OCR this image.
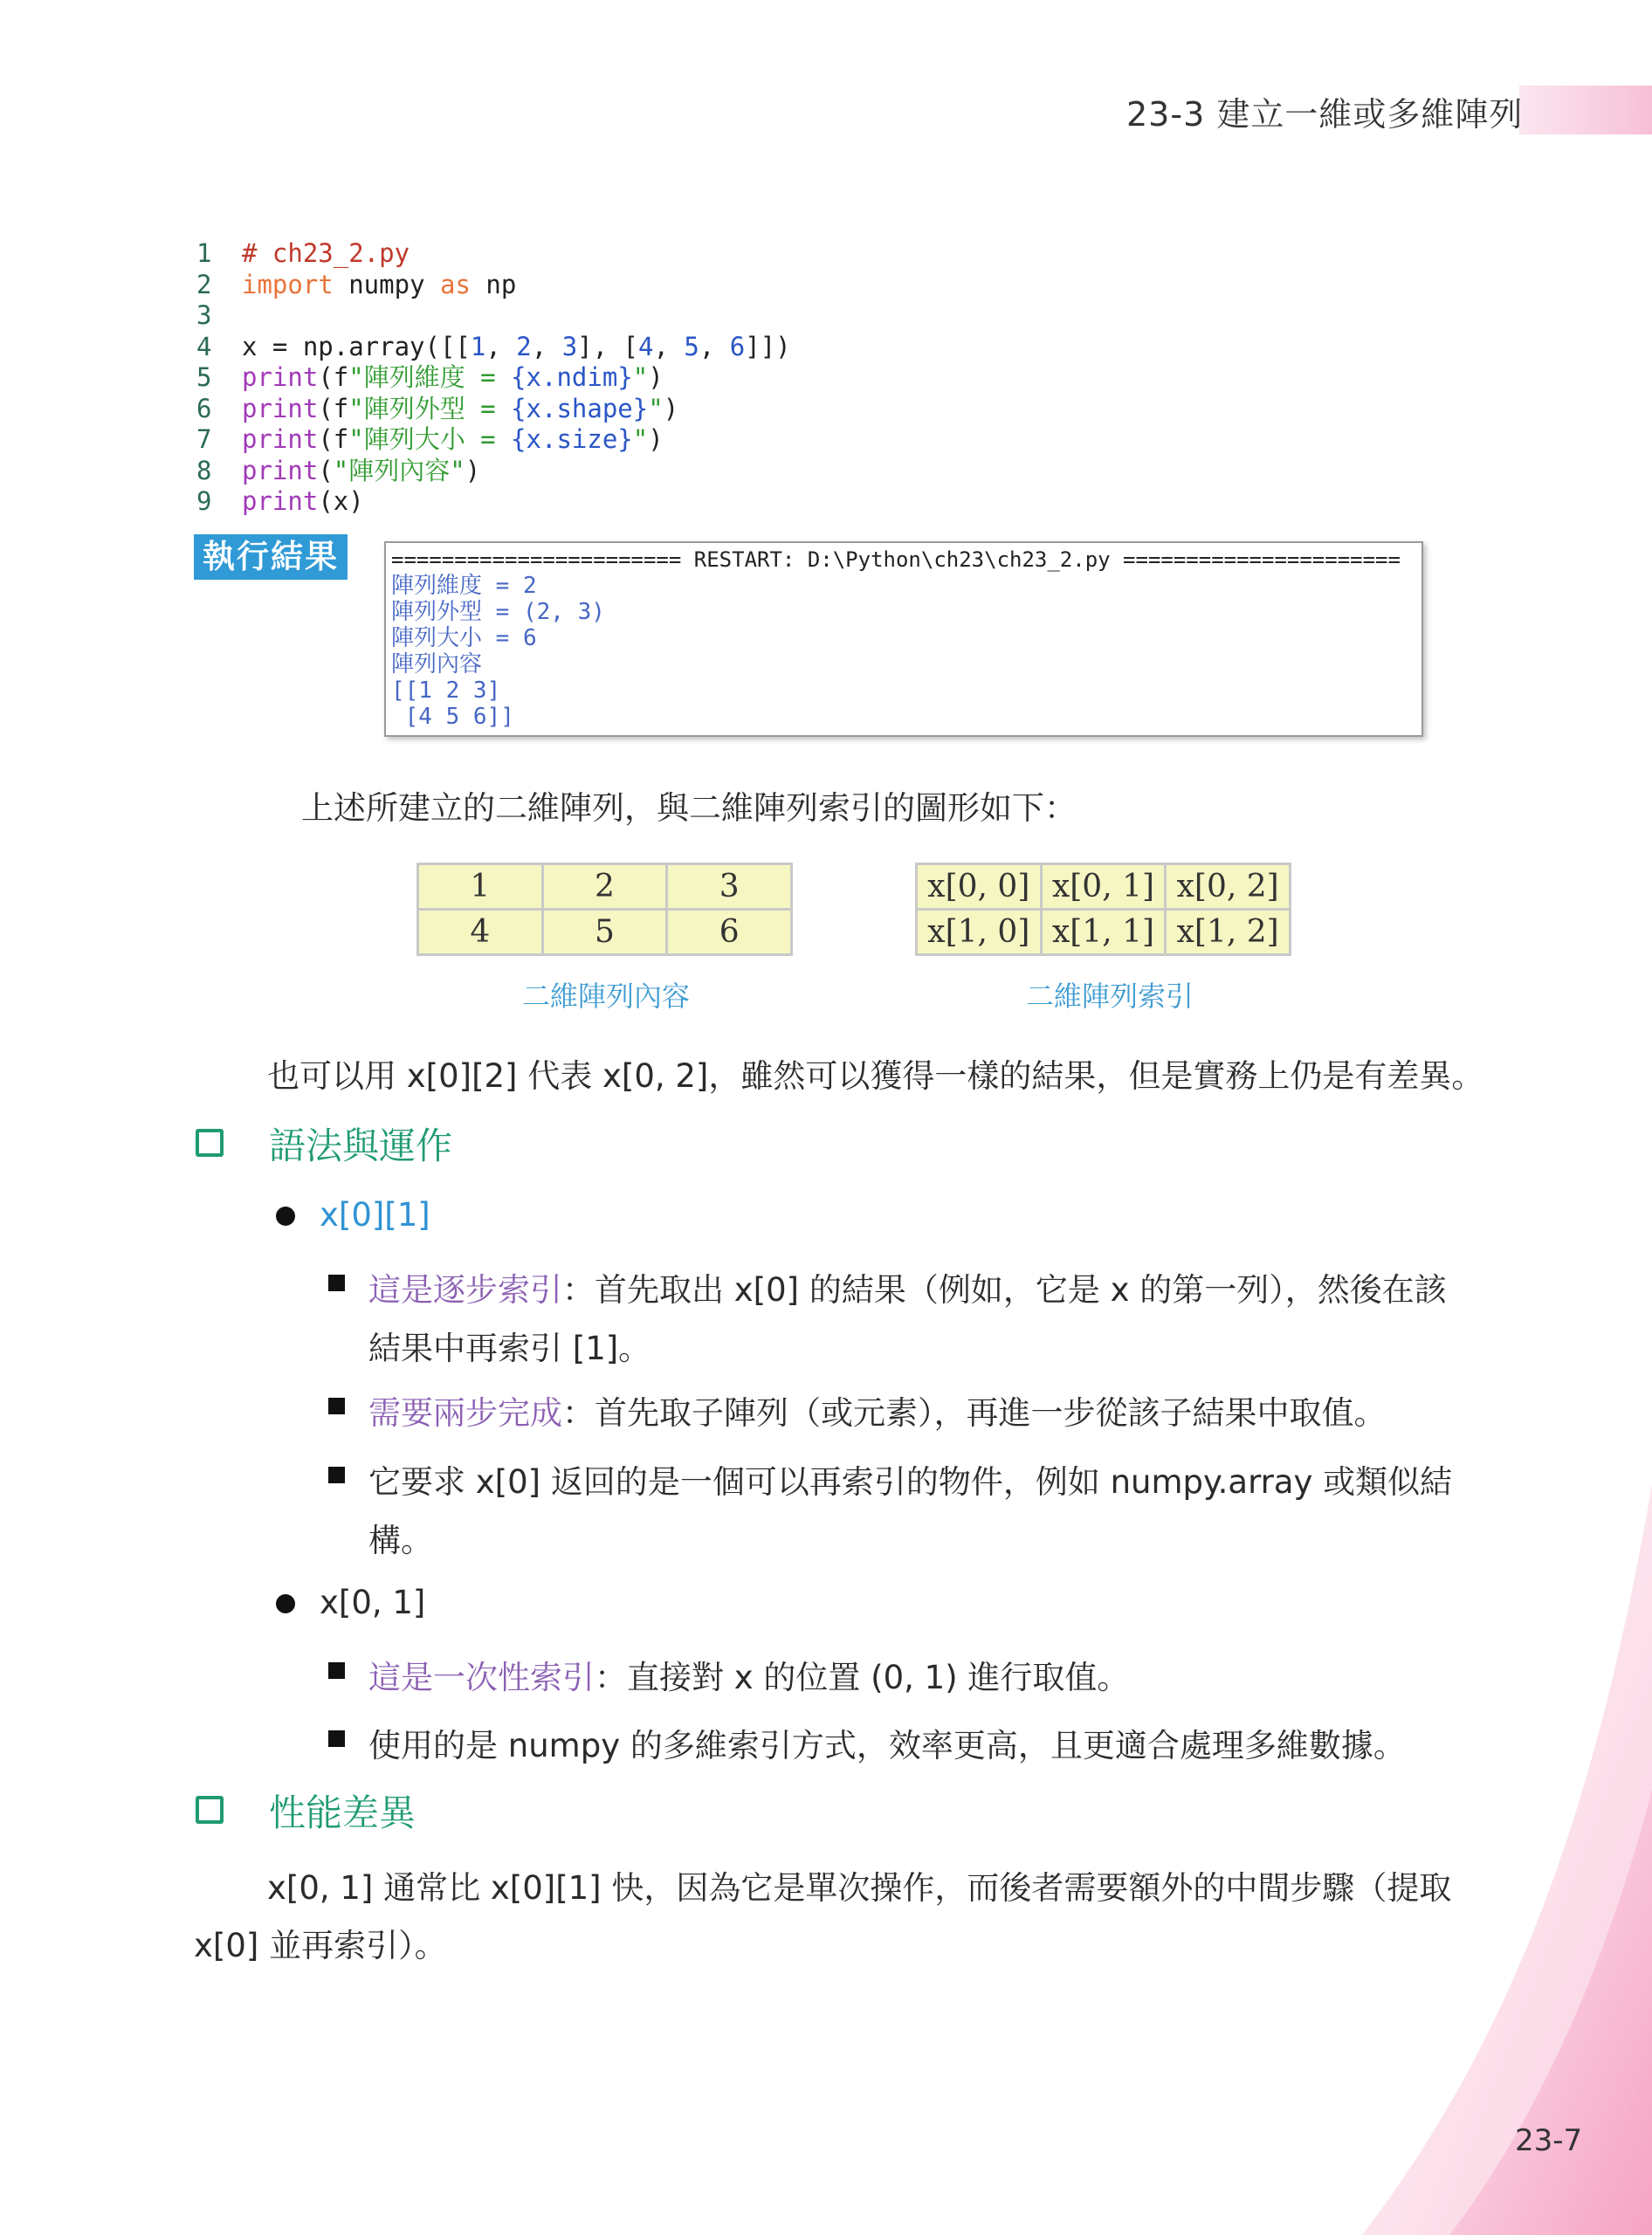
23-3 建立一維或多維陣列
1 # ch23_2.py
2 import numpy as np
3
4 x = np.array([[1, 2, 3], [4, 5, 6]])
5 print(f"陣列維度 = {x.ndim}")
6 print(f"陣列外型 = {x.shape}")
7 print(f"陣列大小 = {x.size}")
8 print("陣列內容")
9 print(x)
執行結果	======================= RESTART: D:\Python\ch23\ch23_2.py ======================
陣列維度 = 2
陣列外型 = (2, 3)
陣列大小 = 6
陣列內容
[[1 2 3]
[4 5 6]]
上述所建立的二維陣列，與二維陣列索引的圖形如下：
1	2	3
4	5	6
二維陣列內容
x[0, 0]	x[0, 1]	x[0, 2]
x[1, 0]	x[1, 1]	x[1, 2]
二維陣列索引
也可以用 x[0][2] 代表 x[0, 2]，雖然可以獲得一樣的結果，但是實務上仍是有差異。
語法與運作
x[0][1]
這是逐步索引：首先取出 x[0] 的結果（例如，它是 x 的第一列），然後在該
結果中再索引 [1]。
需要兩步完成：首先取子陣列（或元素），再進一步從該子結果中取值。
它要求 x[0] 返回的是一個可以再索引的物件，例如 numpy.array 或類似結
構。
x[0, 1]
這是一次性索引：直接對 x 的位置 (0, 1) 進行取值。
使用的是 numpy 的多維索引方式，效率更高，且更適合處理多維數據。
性能差異
x[0, 1] 通常比 x[0][1] 快，因為它是單次操作，而後者需要額外的中間步驟（提取
x[0] 並再索引）。
23-7
